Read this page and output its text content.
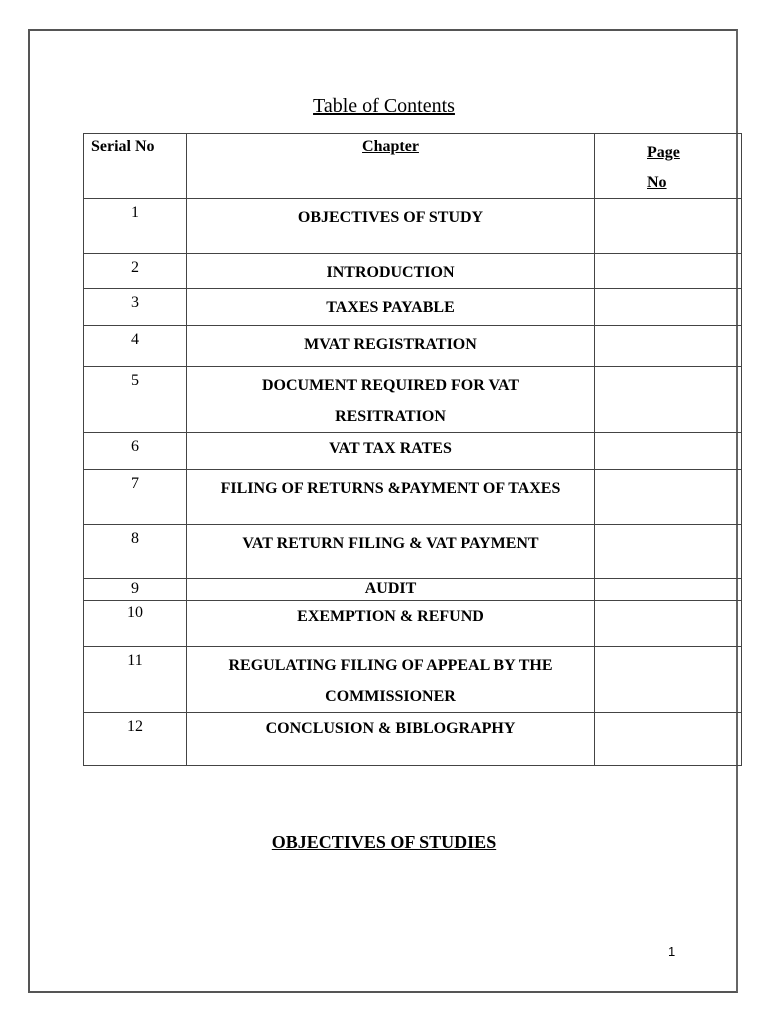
Table of Contents
Serial No	Chapter	Page
No

1	OBJECTIVES OF STUDY	
2	INTRODUCTION	
3	TAXES PAYABLE	
4	MVAT REGISTRATION	
5	DOCUMENT REQUIRED FOR VAT RESITRATION	
6	VAT TAX RATES	
7	FILING OF RETURNS &PAYMENT OF TAXES	
8	VAT RETURN FILING & VAT PAYMENT	
9	AUDIT	
10	EXEMPTION & REFUND	
11	REGULATING FILING OF APPEAL BY THE COMMISSIONER	
12	CONCLUSION & BIBLOGRAPHY	
OBJECTIVES OF STUDIES
1
